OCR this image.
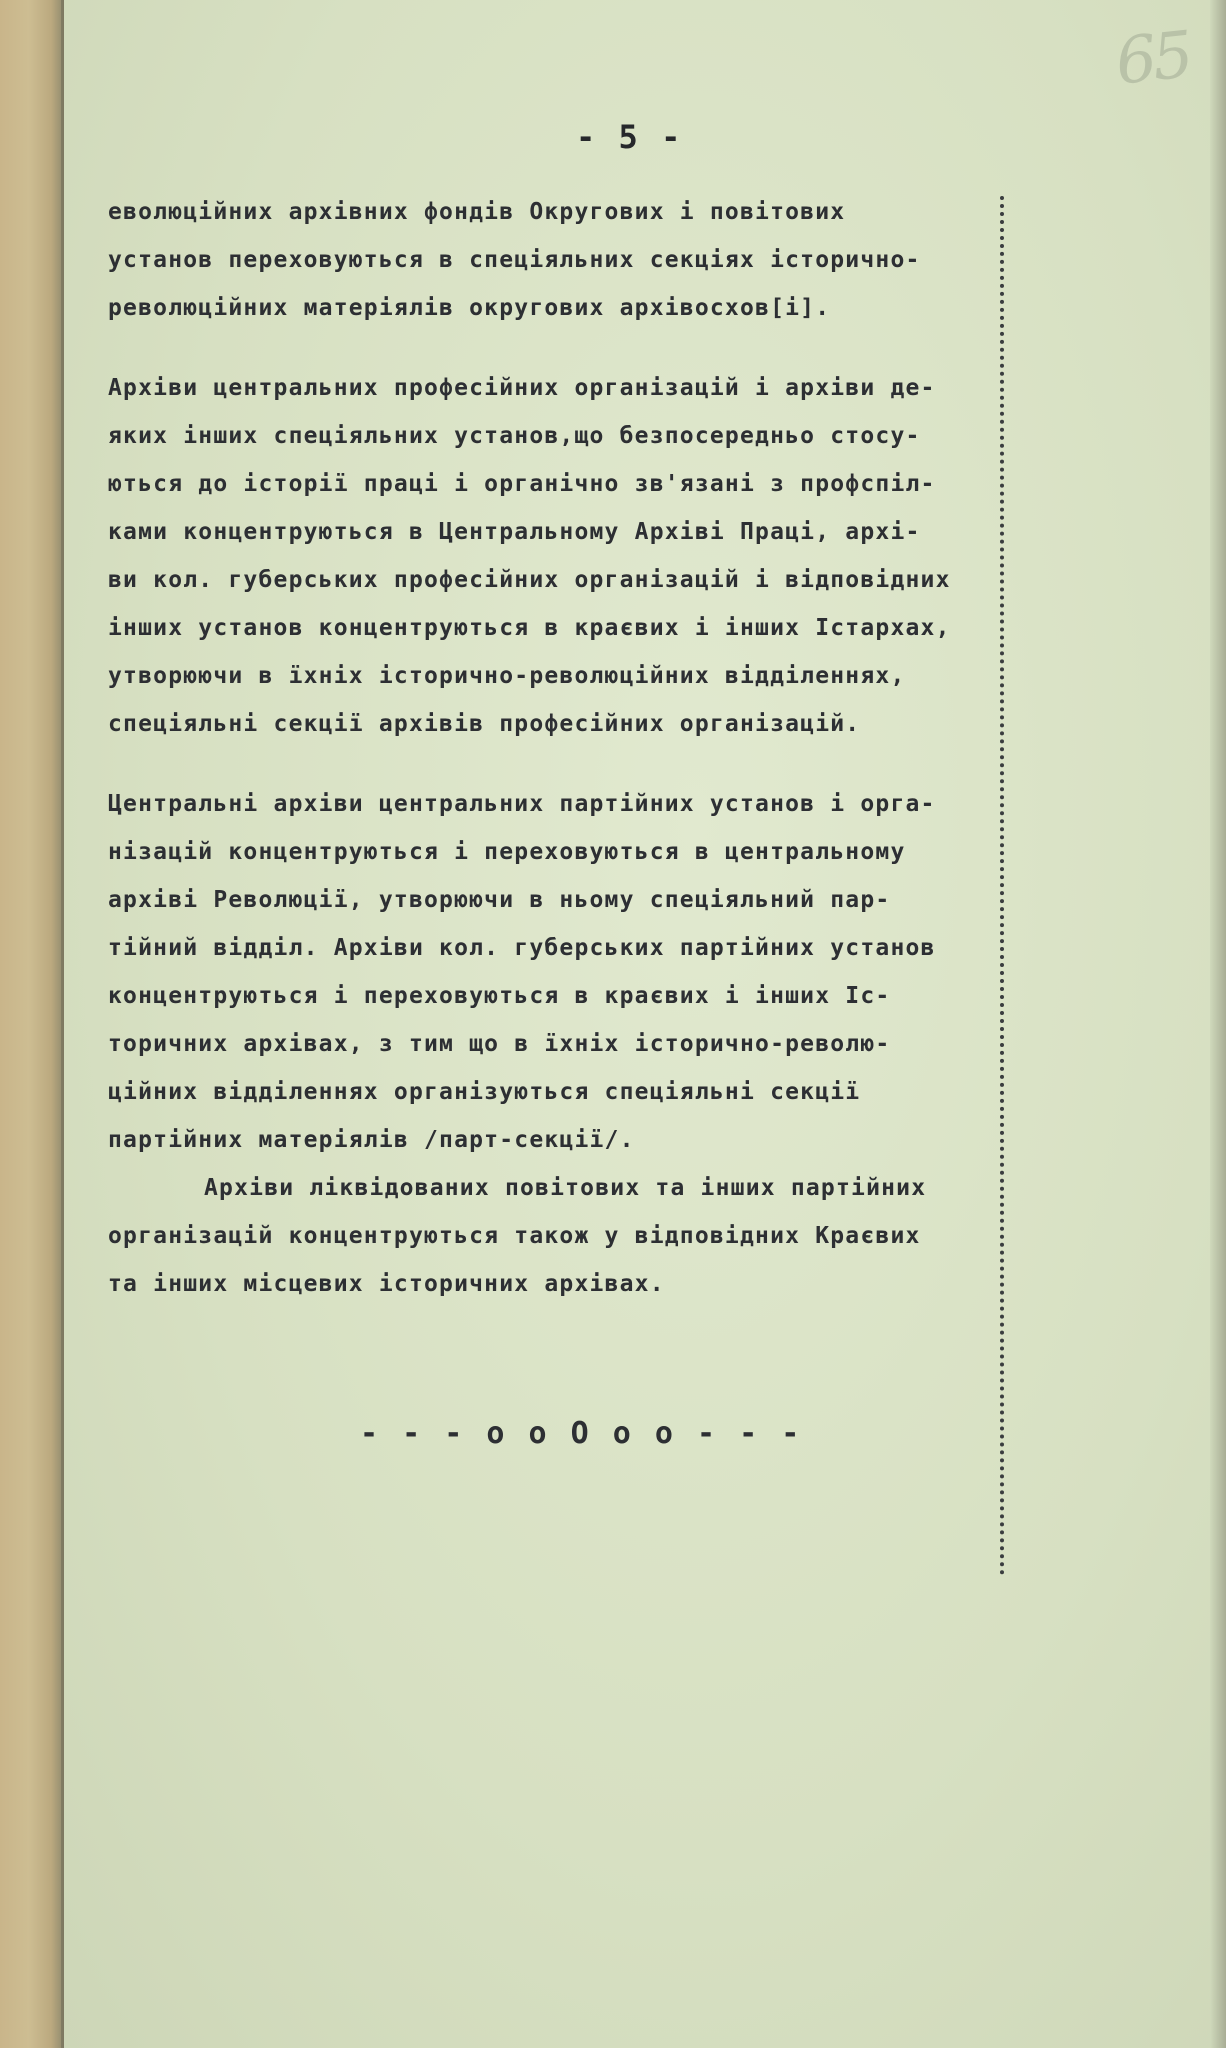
65
- 5 -
еволюційних архівних фондів Округових і повітових
установ переховуються в спеціяльних секціях історично-
революційних матеріялів округових архівосхов[і].
Архіви центральних професійних організацій і архіви де-
яких інших спеціяльних установ,що безпосередньо стосу-
ються до історії праці і органічно зв'язані з профспіл-
ками концентруються в Центральному Архіві Праці, архі-
ви кол. губерських професійних організацій і відповідних
інших установ концентруються в краєвих і інших Істархах,
утворюючи в їхніх історично-революційних відділеннях,
спеціяльні секції архівів професійних організацій.
Центральні архіви центральних партійних установ і орга-
нізацій концентруються і переховуються в центральному
архіві Революції, утворюючи в ньому спеціяльний пар-
тійний відділ. Архіви кол. губерських партійних установ
концентруються і переховуються в краєвих і інших Іс-
торичних архівах, з тим що в їхніх історично-револю-
ційних відділеннях організуються спеціяльні секції
партійних матеріялів /парт-секції/.
Архіви ліквідованих повітових та інших партійних
організацій концентруються також у відповідних Краєвих
та інших місцевих історичних архівах.
- - - o o O o o - - -
